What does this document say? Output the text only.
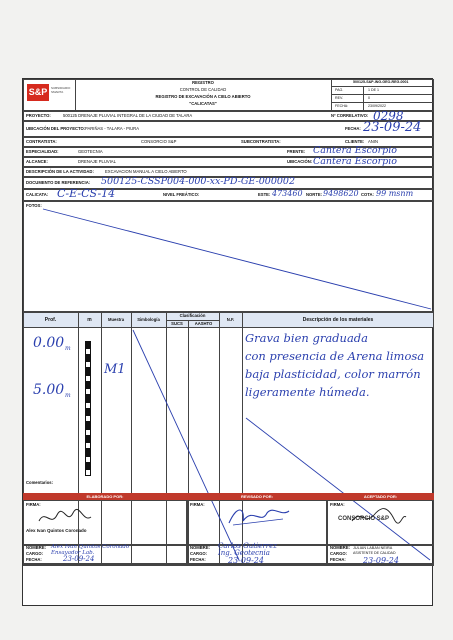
S&P	SUBSIDIARIO
SMARTA
REGISTRO
CONTROL DE CALIDAD
REGISTRO DE EXCAVACIÓN A CIELO ABIERTO
"CALICATAS"
500125-S&P-ING-GEO-REG-0001
PAG.	1 DE 1
REV.	0
FECHA:	23/09/2022
PROYECTO:	500125 DRENAJE PLUVIAL INTEGRAL DE LA CIUDAD DE TALARA	Nº CORRELATIVO: 0298
UBICACIÓN DEL PROYECTO: PARIÑAS - TALARA - PIURA	FECHA: 23-09-24
CONTRATISTA:	CONSORCIO S&P	SUBCONTRATISTA:	CLIENTE: ANIN
ESPECIALIDAD:	GEOTECNIA	FRENTE: Cantera Escorpio
ALCANCE:	DRENAJE PLUVIAL	UBICACIÓN: Cantera Escorpio
DESCRIPCIÓN DE LA ACTIVIDAD:	EXCAVACION MANUAL A CIELO ABIERTO
DOCUMENTO DE REFERENCIA: 500125-CSSP004-000-xx-PD-GE-000002
CALICATA: C-E-CS-14	NIVEL FREÁTICO:	ESTE: 473460 NORTE: 9498620 COTA: 99 msnm
FOTOS:
Prof.	m	Muestra	Simbología
Clasificación
SUCS	AASHTO
N.F.	Descripción de los materiales
0.00 m
5.00 m
M1
Grava bien graduada
con presencia de Arena limosa
baja plasticidad, color marrón
ligeramente húmeda.
Comentarios:
ELABORADO POR:	REVISADO POR:	ACEPTADO POR:
FIRMA:	FIRMA:	FIRMA:
Alex Ivan Quintos Coronado
CONSORCIO S&P
NOMBRE: Alex Ivan Quintos Coronado
CARGO: Ensayador Lab.
FECHA:	23-09-24
NOMBRE: Carlos Gutierrez
CARGO: Ing. Geotecnia
FECHA:	23-09-24
NOMBRE: JULIAN LABAN NEIRA
CARGO: ASISTENTE DE CALIDAD
FECHA: 23-09-24
